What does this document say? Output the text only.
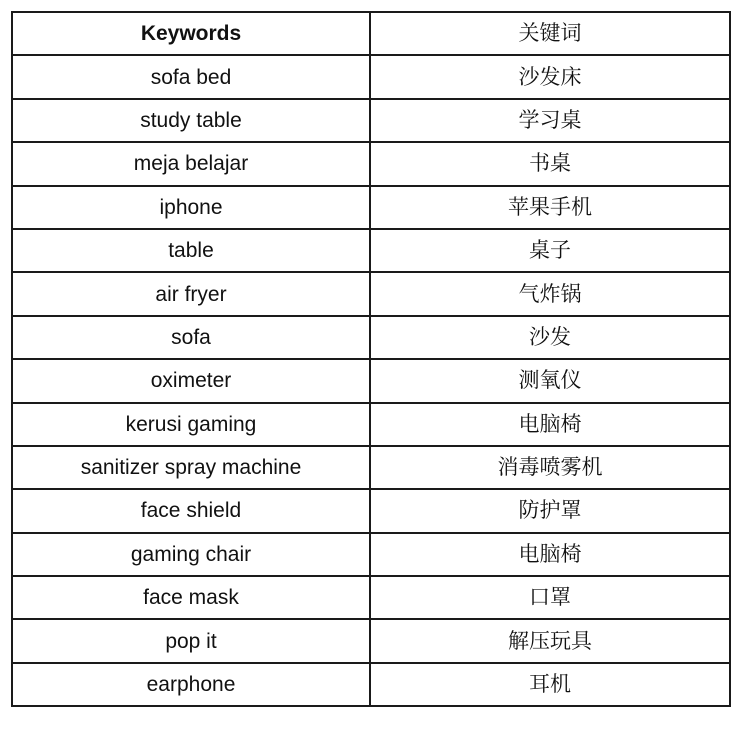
Keywords	关键词
sofa bed	沙发床
study table	学习桌
meja belajar	书桌
iphone	苹果手机
table	桌子
air fryer	气炸锅
sofa	沙发
oximeter	测氧仪
kerusi gaming	电脑椅
sanitizer spray machine	消毒喷雾机
face shield	防护罩
gaming chair	电脑椅
face mask	口罩
pop it	解压玩具
earphone	耳机
